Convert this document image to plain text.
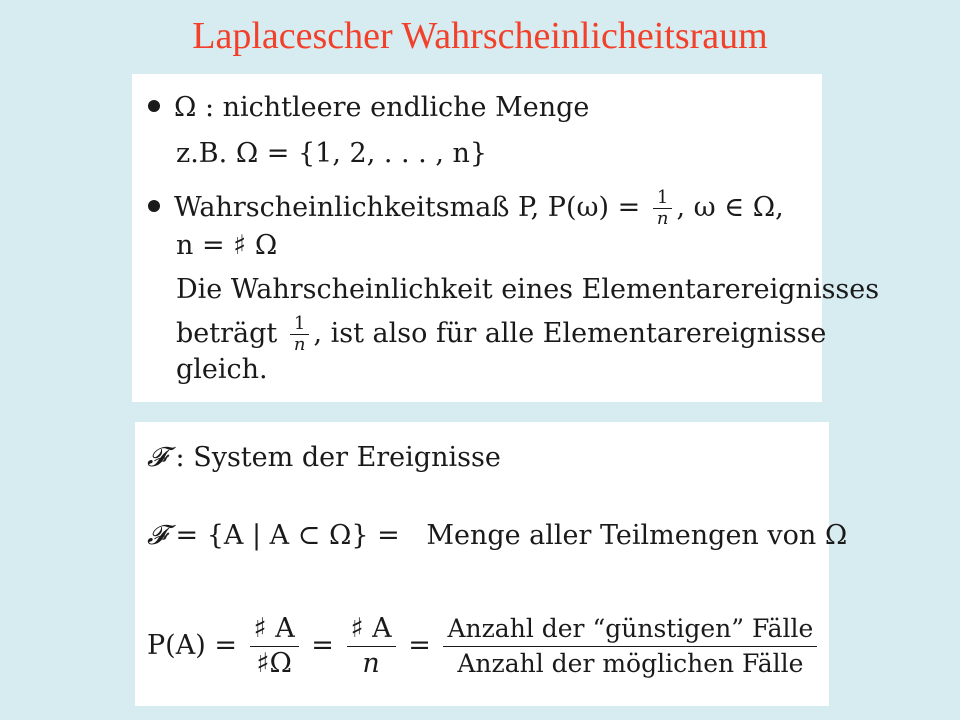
Laplacescher Wahrscheinlicheitsraum
Ω : nichtleere endliche Menge
z.B. Ω = {1, 2, . . . , n}
Wahrscheinlichkeitsmaß P, $P(\omega) = \frac{1}{n}$ , ω ∈ Ω,
n = ♯ Ω
Die Wahrscheinlichkeit eines Elementarereignisses
beträgt $\frac{1}{n}$ , ist also für alle Elementarereignisse
gleich.
𝓕 : System der Ereignisse
𝓕 = {A | A ⊂ Ω} = Menge aller Teilmengen von Ω
$P(A) = \frac{♯ A}{♯\Omega} = \frac{♯ A}{n} = \frac{\text{Anzahl der “günstigen” Fälle}}{\text{Anzahl der möglichen Fälle}}$
